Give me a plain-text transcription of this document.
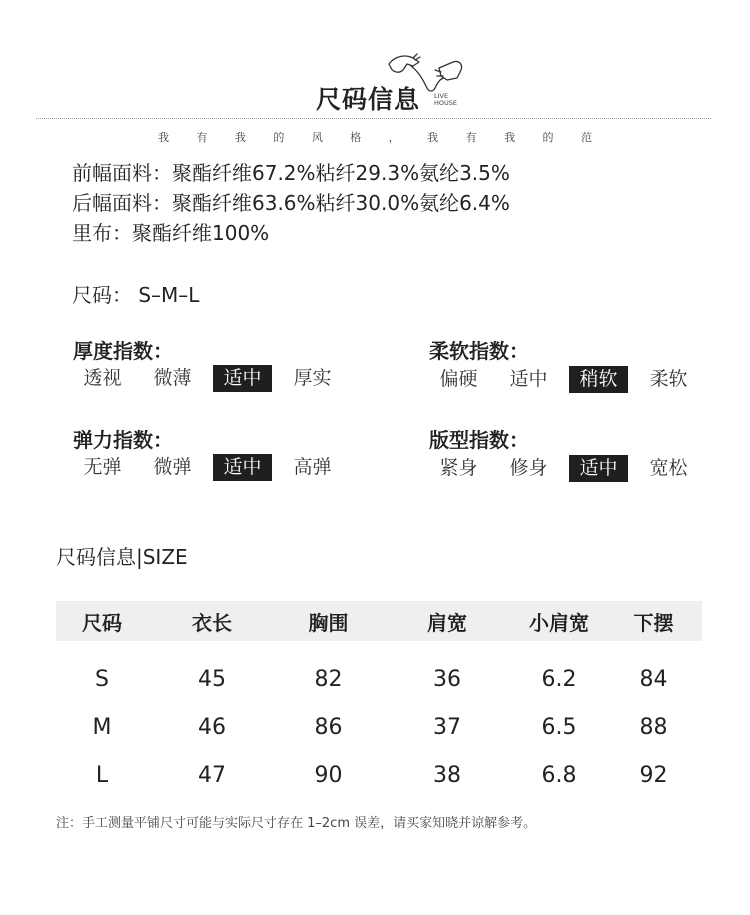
尺码信息 LIVE
HOUSE
我 有 我 的 风 格 ， 我 有 我 的 范
前幅面料：聚酯纤维67.2%粘纤29.3%氨纶3.5%
后幅面料：聚酯纤维63.6%粘纤30.0%氨纶6.4%
里布：聚酯纤维100%
尺码： S–M–L
厚度指数：
透视	微薄	适中	厚实
柔软指数：
偏硬	适中	稍软	柔软
弹力指数：
无弹	微弹	适中	高弹
版型指数：
紧身	修身	适中	宽松
尺码信息|SIZE
尺码	衣长	胸围	肩宽	小肩宽	下摆
S	45	82	36	6.2	84
M	46	86	37	6.5	88
L	47	90	38	6.8	92
注：手工测量平铺尺寸可能与实际尺寸存在 1–2cm 误差，请买家知晓并谅解参考。
